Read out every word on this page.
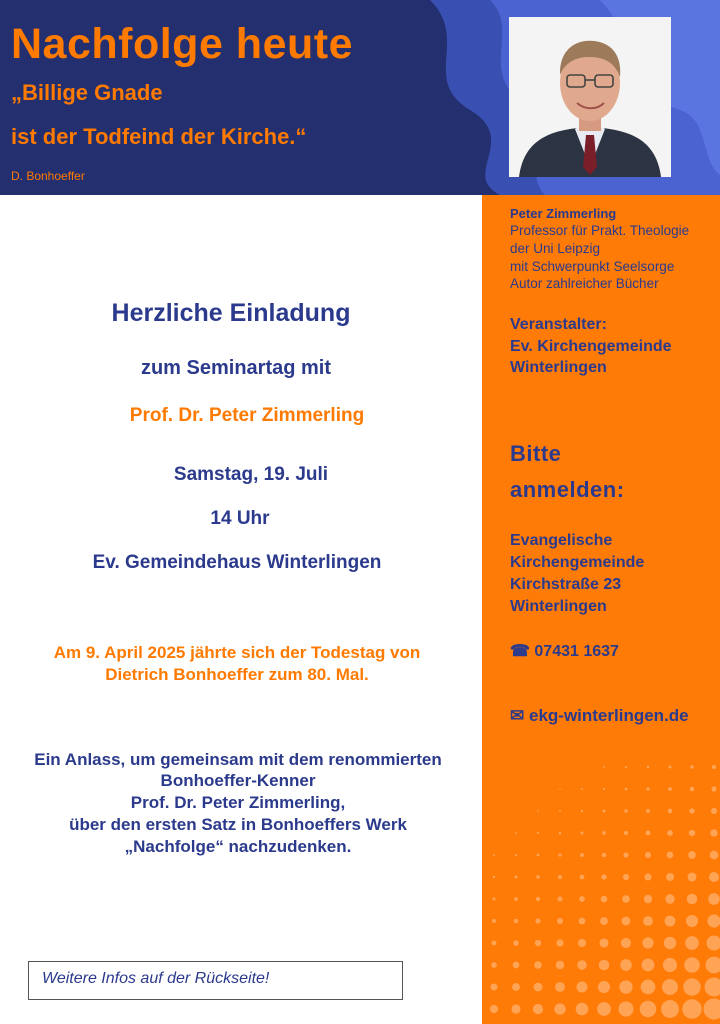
Nachfolge heute
„Billige Gnade
ist der Todfeind der Kirche.“
D. Bonhoeffer
Peter Zimmerling
Professor für Prakt. Theologie
der Uni Leipzig
mit Schwerpunkt Seelsorge
Autor zahlreicher Bücher
Veranstalter:
Ev. Kirchengemeinde
Winterlingen
Bitte
anmelden:
Evangelische
Kirchengemeinde
Kirchstraße 23
Winterlingen
☎ 07431 1637
✉ ekg-winterlingen.de
Herzliche Einladung
zum Seminartag mit
Prof. Dr. Peter Zimmerling
Samstag, 19. Juli
14 Uhr
Ev. Gemeindehaus Winterlingen
Am 9. April 2025 jährte sich der Todestag von
Dietrich Bonhoeffer zum 80. Mal.
Ein Anlass, um gemeinsam mit dem renommierten
Bonhoeffer-Kenner
Prof. Dr. Peter Zimmerling,
über den ersten Satz in Bonhoeffers Werk
„Nachfolge“ nachzudenken.
Weitere Infos auf der Rückseite!
